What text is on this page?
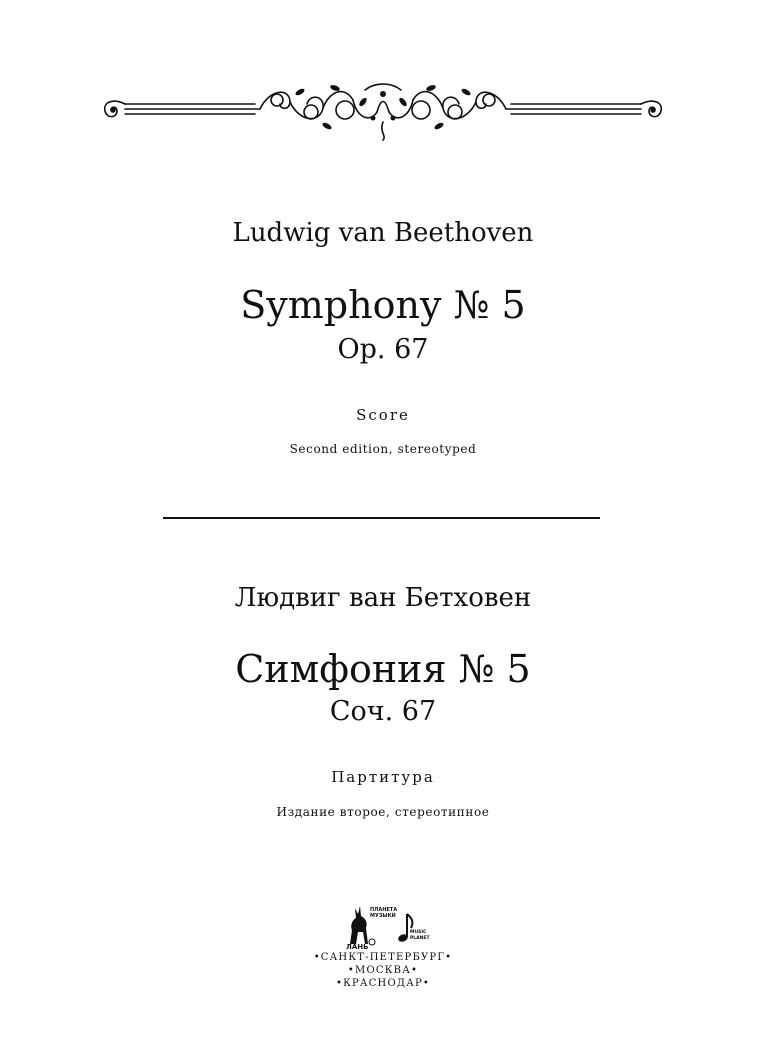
Ludwig van Beethoven
Symphony № 5
Op. 67
Score
Second edition, stereotyped
Людвиг ван Бетховен
Симфония № 5
Соч. 67
Партитура
Издание второе, стереотипное
ЛАНЬ
ПЛАНЕТА
МУЗЫКИ
MUSIC
PLANET
•САНКТ-ПЕТЕРБУРГ•
•МОСКВА•
•КРАСНОДАР•
